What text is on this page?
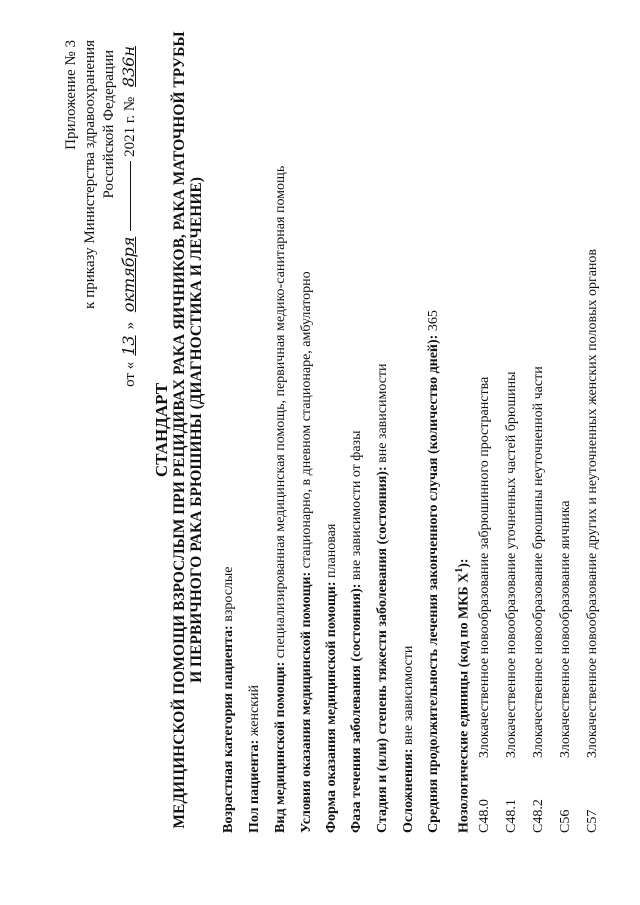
Приложение № 3 к приказу Министерства здравоохранения Российской Федерации
от «13» октября 2021 г. № 836н
СТАНДАРТ МЕДИЦИНСКОЙ ПОМОЩИ ВЗРОСЛЫМ ПРИ РЕЦИДИВАХ РАКА ЯИЧНИКОВ, РАКА МАТОЧНОЙ ТРУБЫ И ПЕРВИЧНОГО РАКА БРЮШИНЫ (ДИАГНОСТИКА И ЛЕЧЕНИЕ)
Возрастная категория пациента: взрослые
Пол пациента: женский Вид медицинской помощи: специализированная медицинская помощь, первичная медико-санитарная помощь
Условия оказания медицинской помощи: стационарно, в дневном стационаре, амбулаторно
Форма оказания медицинской помощи: плановая
Фаза течения заболевания (состояния): вне зависимости от фазы Стадия и (или) степень тяжести заболевания (состояния): вне зависимости
Осложнения: вне зависимости Средняя продолжительность лечения законченного случая (количество дней): 365
Нозологические единицы (код по МКБ $X^1$):
C48.0Злокачественное новообразование забрюшинного пространства
C48.1Злокачественное новообразование уточненных частей брюшины
C48.2Злокачественное новообразование брюшины неуточненной части
C56Злокачественное новообразование яичника
C57Злокачественное новообразование других и неуточненных женских половых органов
